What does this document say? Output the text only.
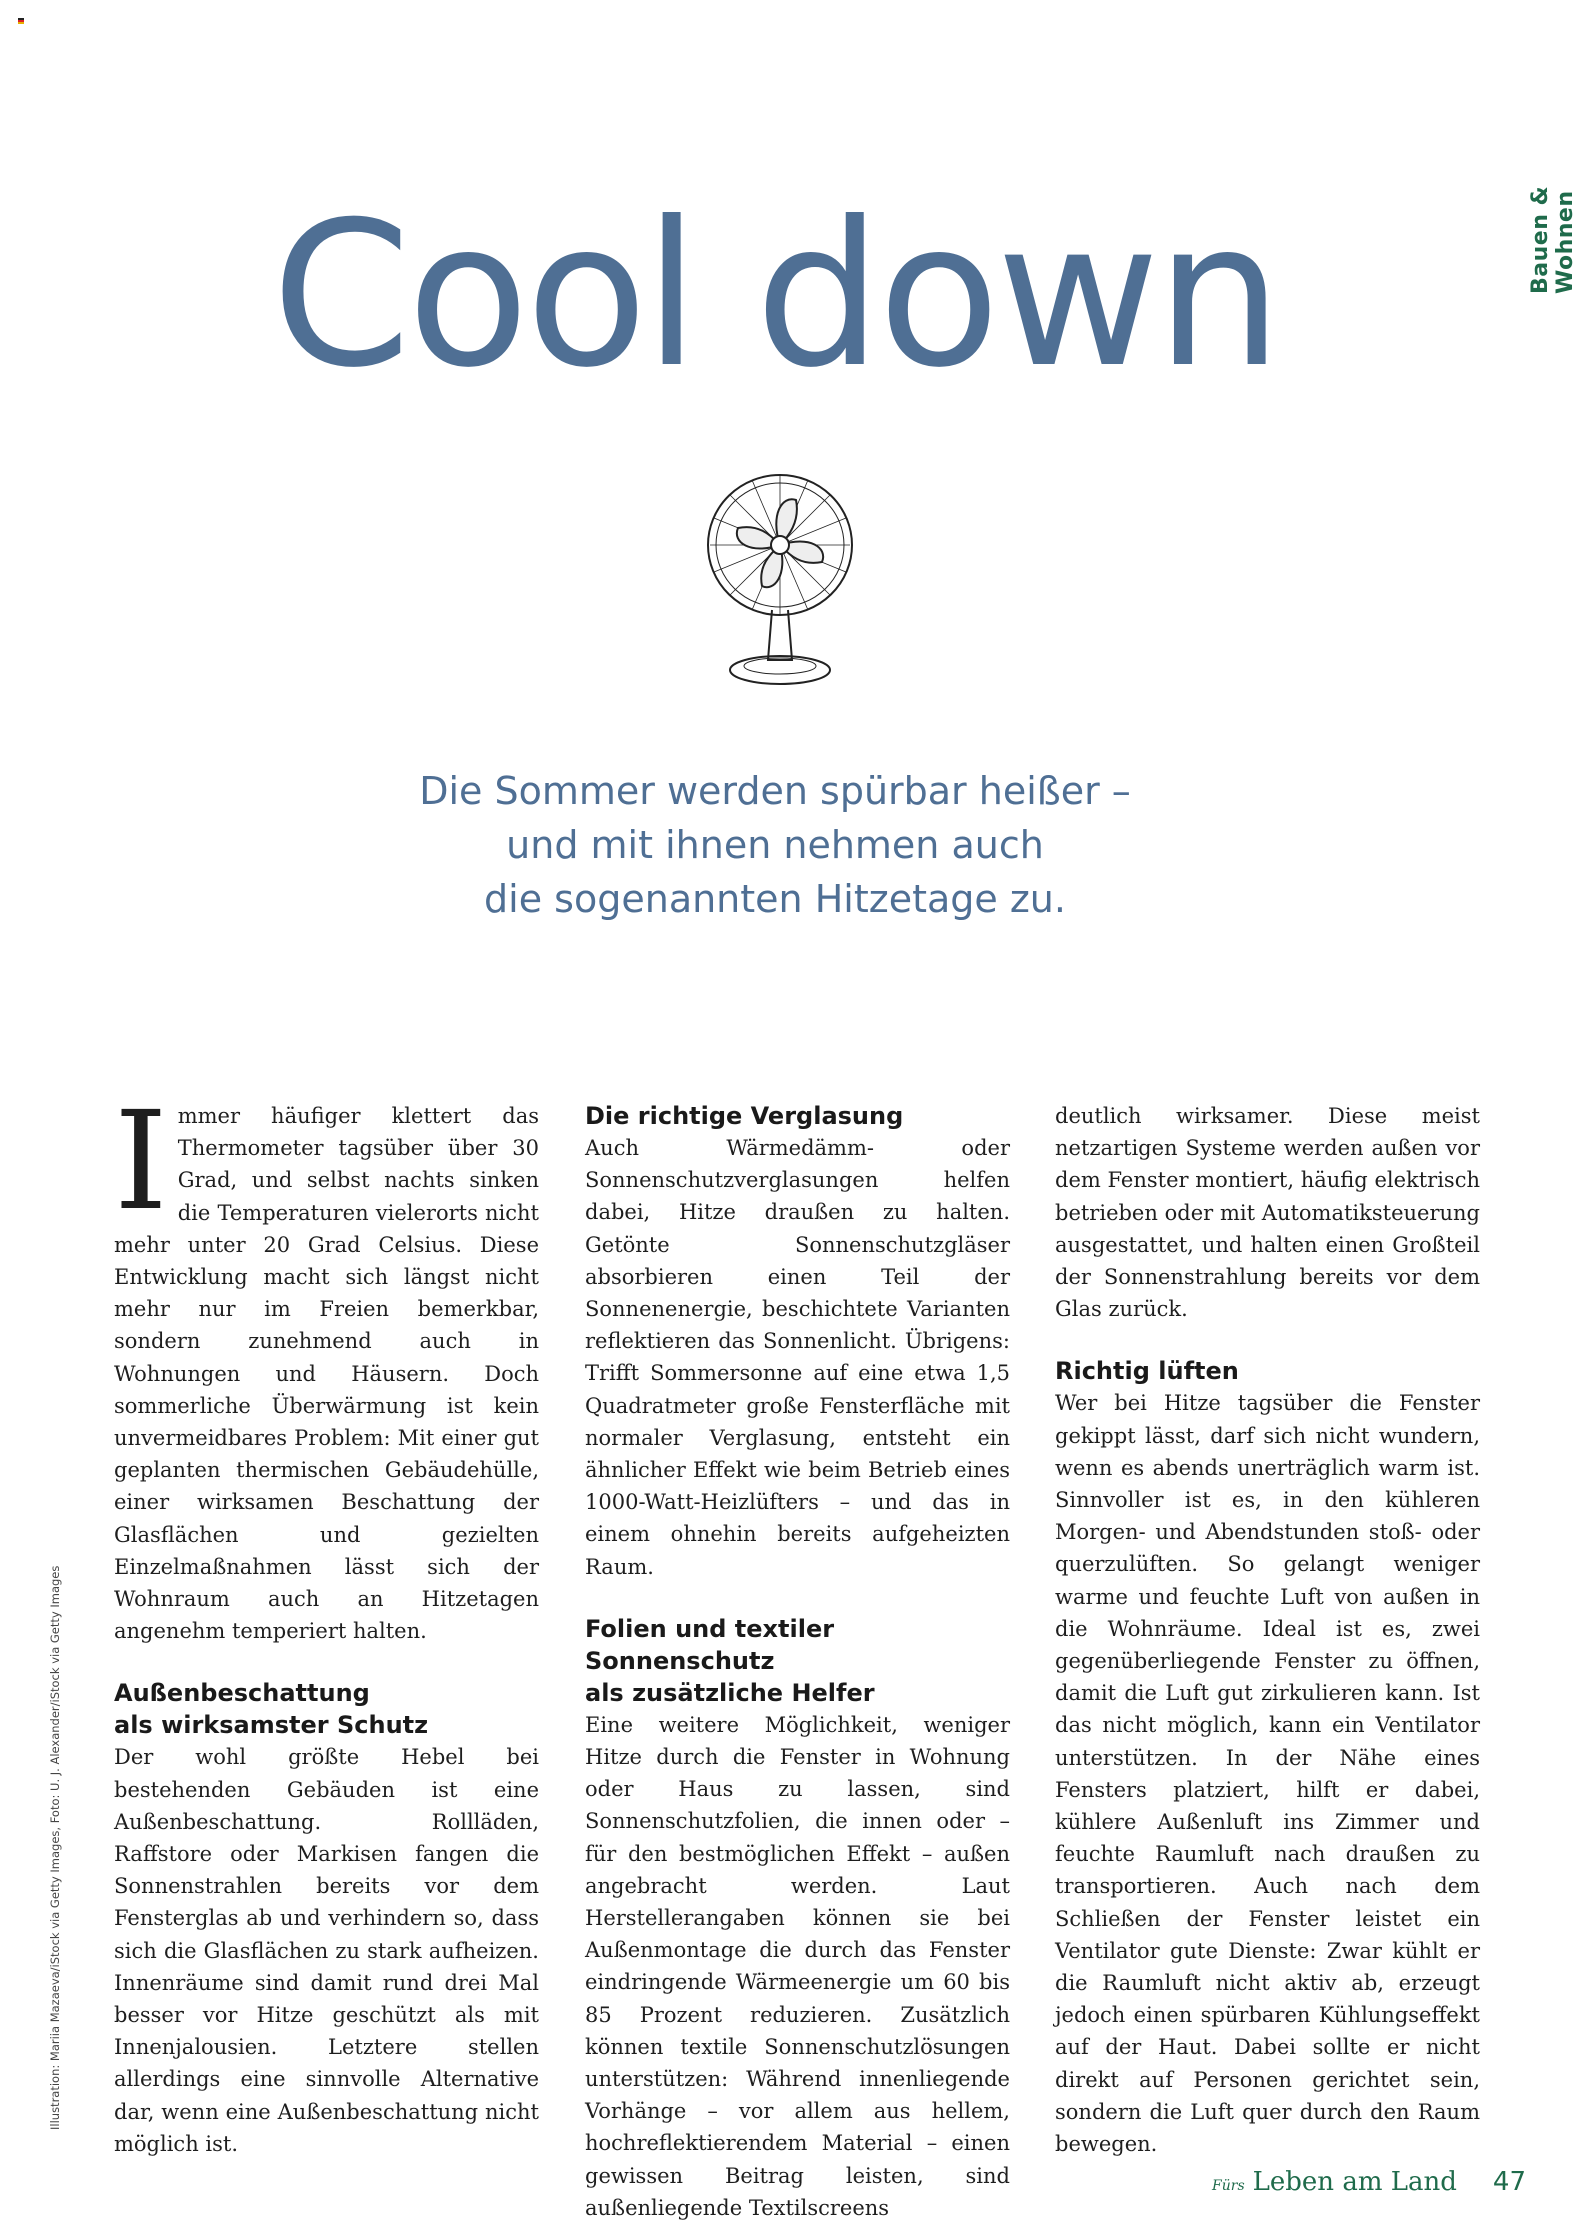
Bauen & Wohnen
Illustration: Mariia Mazaeva/iStock via Getty Images, Foto: U. J. Alexander/iStock via Getty Images
Cool down
Die Sommer werden spürbar heißer –
und mit ihnen nehmen auch
die sogenannten Hitzetage zu.

Immer häufiger klettert das Thermometer tagsüber über 30 Grad, und selbst nachts sinken die Temperaturen vielerorts nicht mehr unter 20 Grad Celsius. Diese Entwicklung macht sich längst nicht mehr nur im Freien bemerkbar, sondern zunehmend auch in Wohnungen und Häusern. Doch sommerliche Überwärmung ist kein unvermeidbares Problem: Mit einer gut geplanten thermischen Gebäudehülle, einer wirksamen Beschattung der Glasflächen und gezielten Einzelmaßnahmen lässt sich der Wohnraum auch an Hitzetagen angenehm temperiert halten.

Außenbeschattung
als wirksamster Schutz

Der wohl größte Hebel bei bestehenden Gebäuden ist eine Außenbeschattung. Rollläden, Raffstore oder Markisen fangen die Sonnenstrahlen bereits vor dem Fensterglas ab und verhindern so, dass sich die Glasflächen zu stark aufheizen. Innenräume sind damit rund drei Mal besser vor Hitze geschützt als mit Innenjalousien. Letztere stellen allerdings eine sinnvolle Alternative dar, wenn eine Außenbeschattung nicht möglich ist.

Die richtige Verglasung

Auch Wärmedämm- oder Sonnenschutzverglasungen helfen dabei, Hitze draußen zu halten. Getönte Sonnenschutzgläser absorbieren einen Teil der Sonnenenergie, beschichtete Varianten reflektieren das Sonnenlicht. Übrigens: Trifft Sommersonne auf eine etwa 1,5 Quadratmeter große Fensterfläche mit normaler Verglasung, entsteht ein ähnlicher Effekt wie beim Betrieb eines 1000-Watt-Heizlüfters – und das in einem ohnehin bereits aufgeheizten Raum.

Folien und textiler Sonnenschutz
als zusätzliche Helfer

Eine weitere Möglichkeit, weniger Hitze durch die Fenster in Wohnung oder Haus zu lassen, sind Sonnenschutzfolien, die innen oder – für den bestmöglichen Effekt – außen angebracht werden. Laut Herstellerangaben können sie bei Außenmontage die durch das Fenster eindringende Wärmeenergie um 60 bis 85 Prozent reduzieren. Zusätzlich können textile Sonnenschutzlösungen unterstützen: Während innenliegende Vorhänge – vor allem aus hellem, hochreflektierendem Material – einen gewissen Beitrag leisten, sind außenliegende Textilscreens

deutlich wirksamer. Diese meist netzartigen Systeme werden außen vor dem Fenster montiert, häufig elektrisch betrieben oder mit Automatiksteuerung ausgestattet, und halten einen Großteil der Sonnenstrahlung bereits vor dem Glas zurück.

Richtig lüften

Wer bei Hitze tagsüber die Fenster gekippt lässt, darf sich nicht wundern, wenn es abends unerträglich warm ist. Sinnvoller ist es, in den kühleren Morgen- und Abendstunden stoß- oder querzulüften. So gelangt weniger warme und feuchte Luft von außen in die Wohnräume. Ideal ist es, zwei gegenüberliegende Fenster zu öffnen, damit die Luft gut zirkulieren kann. Ist das nicht möglich, kann ein Ventilator unterstützen. In der Nähe eines Fensters platziert, hilft er dabei, kühlere Außenluft ins Zimmer und feuchte Raumluft nach draußen zu transportieren. Auch nach dem Schließen der Fenster leistet ein Ventilator gute Dienste: Zwar kühlt er die Raumluft nicht aktiv ab, erzeugt jedoch einen spürbaren Kühlungseffekt auf der Haut. Dabei sollte er nicht direkt auf Personen gerichtet sein, sondern die Luft quer durch den Raum bewegen.

Fürs Leben am Land 47
